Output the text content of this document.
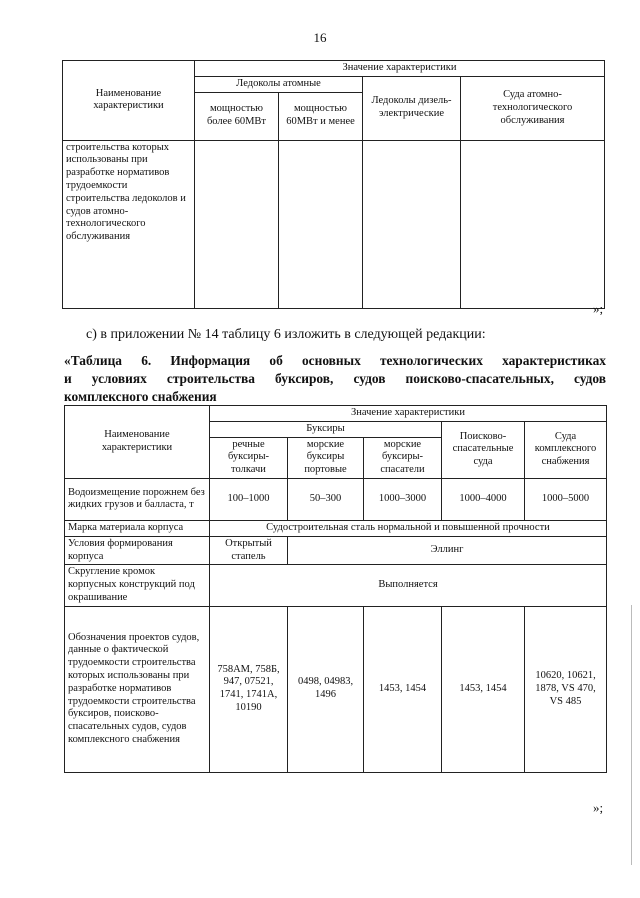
16
Наименование характеристики	Значение характеристики			
	Ледоколы атомные		Ледоколы дизель-электрические	Суда атомно-технологического обслуживания
	мощностью более 60МВт	мощностью 60МВт и менее		
строительства которых использованы при разработке нормативов трудоемкости строительства ледоколов и судов атомно-технологического обслуживания				
»;
с) в приложении № 14 таблицу 6 изложить в следующей редакции:
«Таблица 6. Информация об основных технологических характеристиках
и условиях строительства буксиров, судов поисково-спасательных, судов
комплексного снабжения
Наименование характеристики	Значение характеристики				
	Буксиры			Поисково-спасательные суда	Суда комплексного снабжения
	речные буксиры-толкачи	морские буксиры портовые	морские буксиры-спасатели		
Водоизмещение порожнем без жидких грузов и балласта, т	100–1000	50–300	1000–3000	1000–4000	1000–5000
Марка материала корпуса	Судостроительная сталь нормальной и повышенной прочности				
Условия формирования корпуса	Открытый стапель	Эллинг			
Скругление кромок корпусных конструкций под окрашивание	Выполняется				
Обозначения проектов судов, данные о фактической трудоемкости строительства которых использованы при разработке нормативов трудоемкости строительства буксиров, поисково-спасательных судов, судов комплексного снабжения	758АМ, 758Б, 947, 07521, 1741, 1741А, 10190	0498, 04983, 1496	1453, 1454	1453, 1454	10620, 10621, 1878, VS 470, VS 485
»;
